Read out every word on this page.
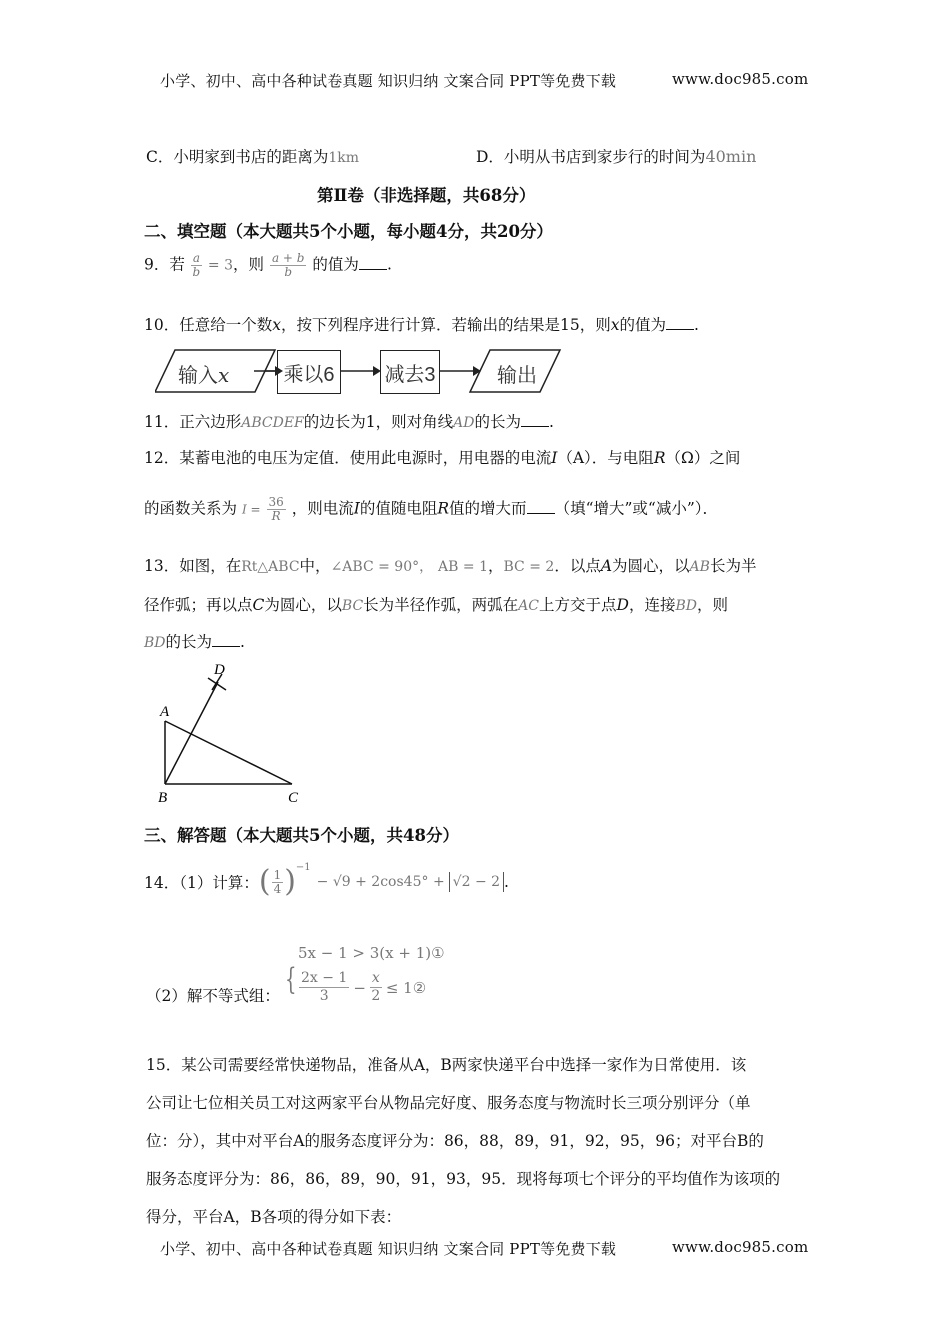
小学、初中、高中各种试卷真题 知识归纳 文案合同 PPT等免费下载	www.doc985.com
C．小明家到书店的距离为1km	D．小明从书店到家步行的时间为40min
第Ⅱ卷（非选择题，共68分）
二、填空题（本大题共5个小题，每小题4分，共20分）
9．若 $\frac{a}{b} = 3$，则 $\frac{a + b}{b}$ 的值为 .
10．任意给一个数x，按下列程序进行计算．若输出的结果是15，则x的值为 .
输入x	乘以6	减去3	输出
11．正六边形ABCDEF的边长为1，则对角线AD的长为 .
12．某蓄电池的电压为定值．使用此电源时，用电器的电流I（A）．与电阻R（Ω）之间
的函数关系为 $I = \frac{36}{R}$ ，则电流I的值随电阻R值的增大而 （填“增大”或“减小”）．
13．如图，在Rt△ABC中，∠ABC = 90°， AB = 1，BC = 2．以点A为圆心，以AB长为半
径作弧；再以点C为圆心，以BC长为半径作弧，两弧在AC上方交于点D，连接BD，则
BD的长为 .
A
B	C
D
三、解答题（本大题共5个小题，共48分）
14．（1）计算： ( $\frac{1}{4}$ ) −1
− √9 + 2cos45° + √2 − 2 .
（2）解不等式组： {
5x − 1 > 3(x + 1)①
$\frac{2x - 1}{3} - \frac{x}{2}$ ≤ 1②
15．某公司需要经常快递物品，准备从A，B两家快递平台中选择一家作为日常使用．该
公司让七位相关员工对这两家平台从物品完好度、服务态度与物流时长三项分别评分（单
位：分），其中对平台A的服务态度评分为：86，88，89，91，92，95，96；对平台B的
服务态度评分为：86，86，89，90，91，93，95．现将每项七个评分的平均值作为该项的
得分，平台A，B各项的得分如下表：
小学、初中、高中各种试卷真题 知识归纳 文案合同 PPT等免费下载	www.doc985.com
